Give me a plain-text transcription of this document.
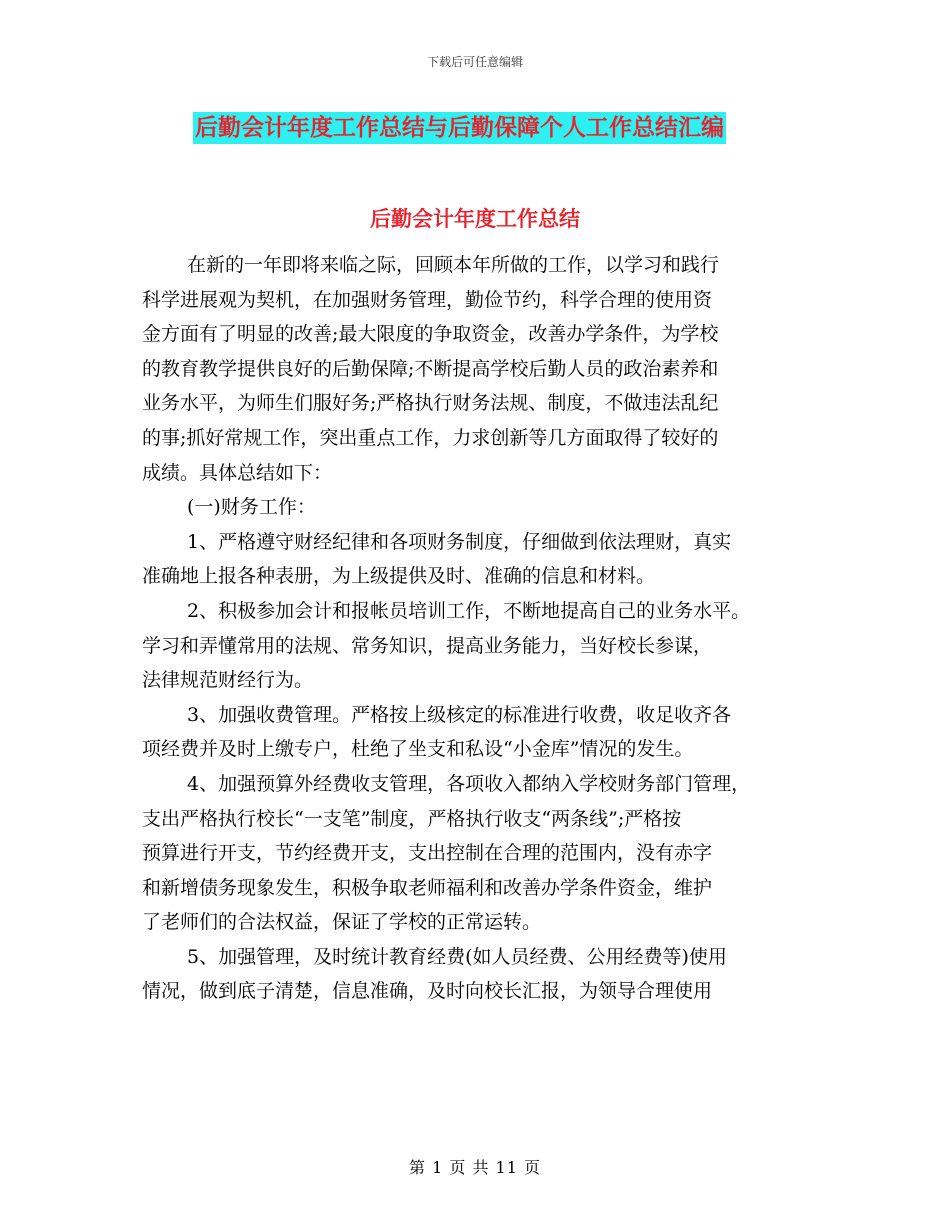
下载后可任意编辑
后勤会计年度工作总结与后勤保障个人工作总结汇编
后勤会计年度工作总结
在新的一年即将来临之际，回顾本年所做的工作，以学习和践行
科学进展观为契机，在加强财务管理，勤俭节约，科学合理的使用资
金方面有了明显的改善;最大限度的争取资金，改善办学条件，为学校
的教育教学提供良好的后勤保障;不断提高学校后勤人员的政治素养和
业务水平，为师生们服好务;严格执行财务法规、制度，不做违法乱纪
的事;抓好常规工作，突出重点工作，力求创新等几方面取得了较好的
成绩。具体总结如下：
(一)财务工作：
1、严格遵守财经纪律和各项财务制度，仔细做到依法理财，真实
准确地上报各种表册，为上级提供及时、准确的信息和材料。
2、积极参加会计和报帐员培训工作，不断地提高自己的业务水平。
学习和弄懂常用的法规、常务知识，提高业务能力，当好校长参谋，
法律规范财经行为。
3、加强收费管理。严格按上级核定的标准进行收费，收足收齐各
项经费并及时上缴专户，杜绝了坐支和私设“小金库”情况的发生。
4、加强预算外经费收支管理，各项收入都纳入学校财务部门管理，
支出严格执行校长“一支笔”制度，严格执行收支“两条线”;严格按
预算进行开支，节约经费开支，支出控制在合理的范围内，没有赤字
和新增债务现象发生，积极争取老师福利和改善办学条件资金，维护
了老师们的合法权益，保证了学校的正常运转。
5、加强管理，及时统计教育经费(如人员经费、公用经费等)使用
情况，做到底子清楚，信息准确，及时向校长汇报，为领导合理使用
第 1 页 共 11 页
